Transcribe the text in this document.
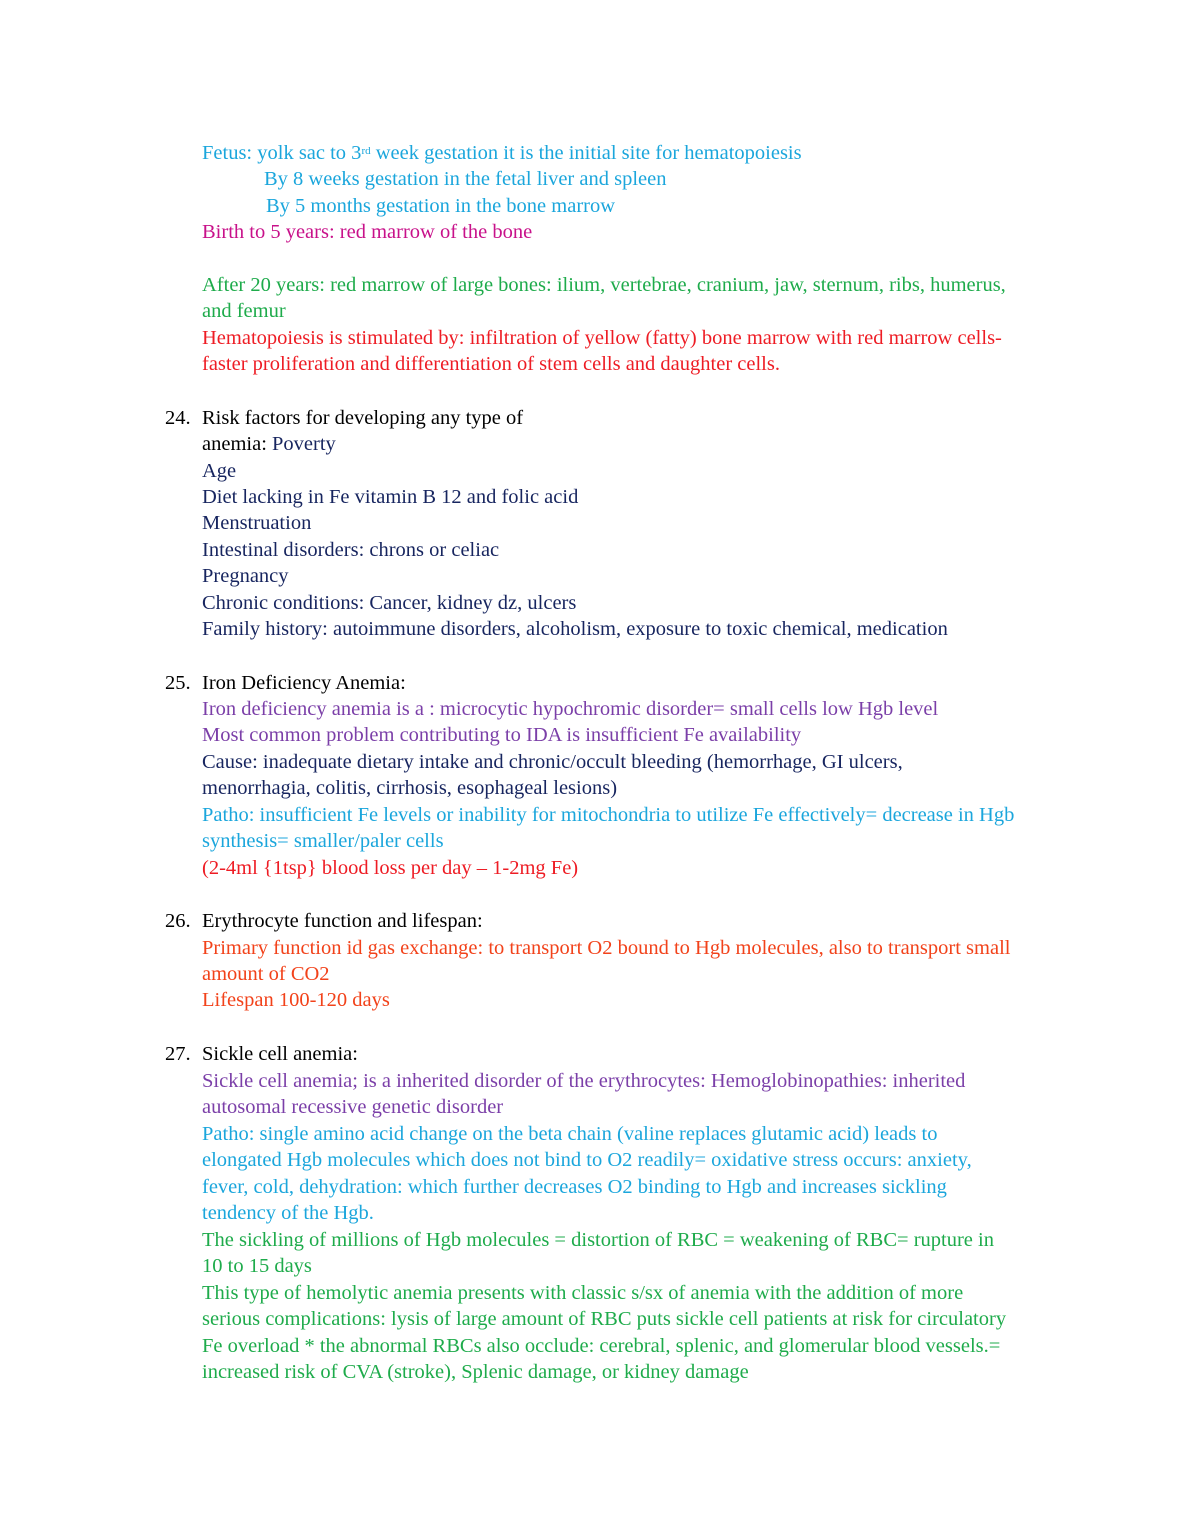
Fetus: yolk sac to 3rd week gestation it is the initial site for hematopoiesis

By 8 weeks gestation in the fetal liver and spleen

By 5 months gestation in the bone marrow

Birth to 5 years: red marrow of the bone

After 20 years: red marrow of large bones: ilium, vertebrae, cranium, jaw, sternum, ribs, humerus,

and femur

Hematopoiesis is stimulated by: infiltration of yellow (fatty) bone marrow with red marrow cells-

faster proliferation and differentiation of stem cells and daughter cells.

24. Risk factors for developing any type of

anemia: Poverty

Age

Diet lacking in Fe vitamin B 12 and folic acid

Menstruation

Intestinal disorders: chrons or celiac

Pregnancy

Chronic conditions: Cancer, kidney dz, ulcers

Family history: autoimmune disorders, alcoholism, exposure to toxic chemical, medication

25. Iron Deficiency Anemia:

Iron deficiency anemia is a : microcytic hypochromic disorder= small cells low Hgb level

Most common problem contributing to IDA is insufficient Fe availability

Cause: inadequate dietary intake and chronic/occult bleeding (hemorrhage, GI ulcers,

menorrhagia, colitis, cirrhosis, esophageal lesions)

Patho: insufficient Fe levels or inability for mitochondria to utilize Fe effectively= decrease in Hgb

synthesis= smaller/paler cells

(2-4ml {1tsp} blood loss per day – 1-2mg Fe)

26. Erythrocyte function and lifespan:

Primary function id gas exchange: to transport O2 bound to Hgb molecules, also to transport small

amount of CO2

Lifespan 100-120 days

27. Sickle cell anemia:

Sickle cell anemia; is a inherited disorder of the erythrocytes: Hemoglobinopathies: inherited

autosomal recessive genetic disorder

Patho: single amino acid change on the beta chain (valine replaces glutamic acid) leads to

elongated Hgb molecules which does not bind to O2 readily= oxidative stress occurs: anxiety,

fever, cold, dehydration: which further decreases O2 binding to Hgb and increases sickling

tendency of the Hgb.

The sickling of millions of Hgb molecules = distortion of RBC = weakening of RBC= rupture in

10 to 15 days

This type of hemolytic anemia presents with classic s/sx of anemia with the addition of more

serious complications: lysis of large amount of RBC puts sickle cell patients at risk for circulatory

Fe overload * the abnormal RBCs also occlude: cerebral, splenic, and glomerular blood vessels.=

increased risk of CVA (stroke), Splenic damage, or kidney damage
